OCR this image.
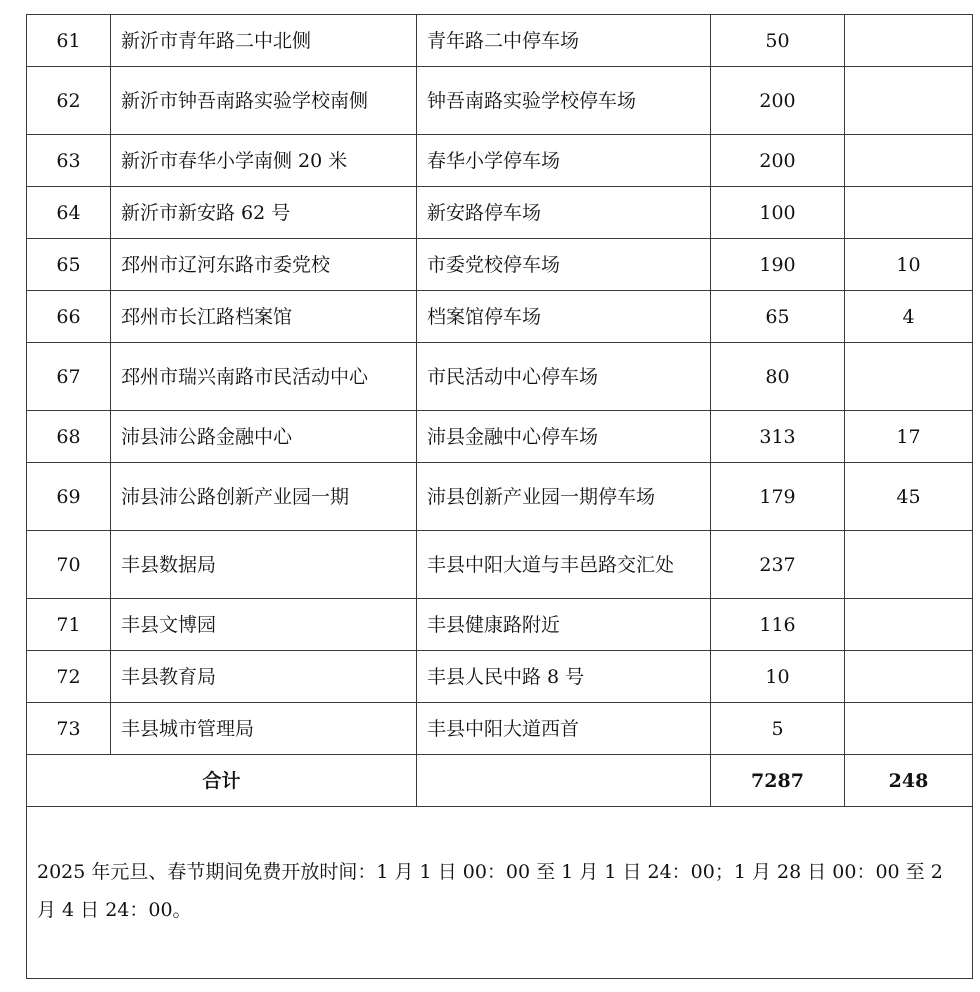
61	新沂市青年路二中北侧	青年路二中停车场	50	
62	新沂市钟吾南路实验学校南侧	钟吾南路实验学校停车场	200	
63	新沂市春华小学南侧 20 米	春华小学停车场	200	
64	新沂市新安路 62 号	新安路停车场	100	
65	邳州市辽河东路市委党校	市委党校停车场	190	10
66	邳州市长江路档案馆	档案馆停车场	65	4
67	邳州市瑞兴南路市民活动中心	市民活动中心停车场	80	
68	沛县沛公路金融中心	沛县金融中心停车场	313	17
69	沛县沛公路创新产业园一期	沛县创新产业园一期停车场	179	45
70	丰县数据局	丰县中阳大道与丰邑路交汇处	237	
71	丰县文博园	丰县健康路附近	116	
72	丰县教育局	丰县人民中路 8 号	10	
73	丰县城市管理局	丰县中阳大道西首	5	
合计			7287	248
2025 年元旦、春节期间免费开放时间：1 月 1 日 00：00 至 1 月 1 日 24：00；1 月 28 日 00：00 至 2 月 4 日 24：00。				
